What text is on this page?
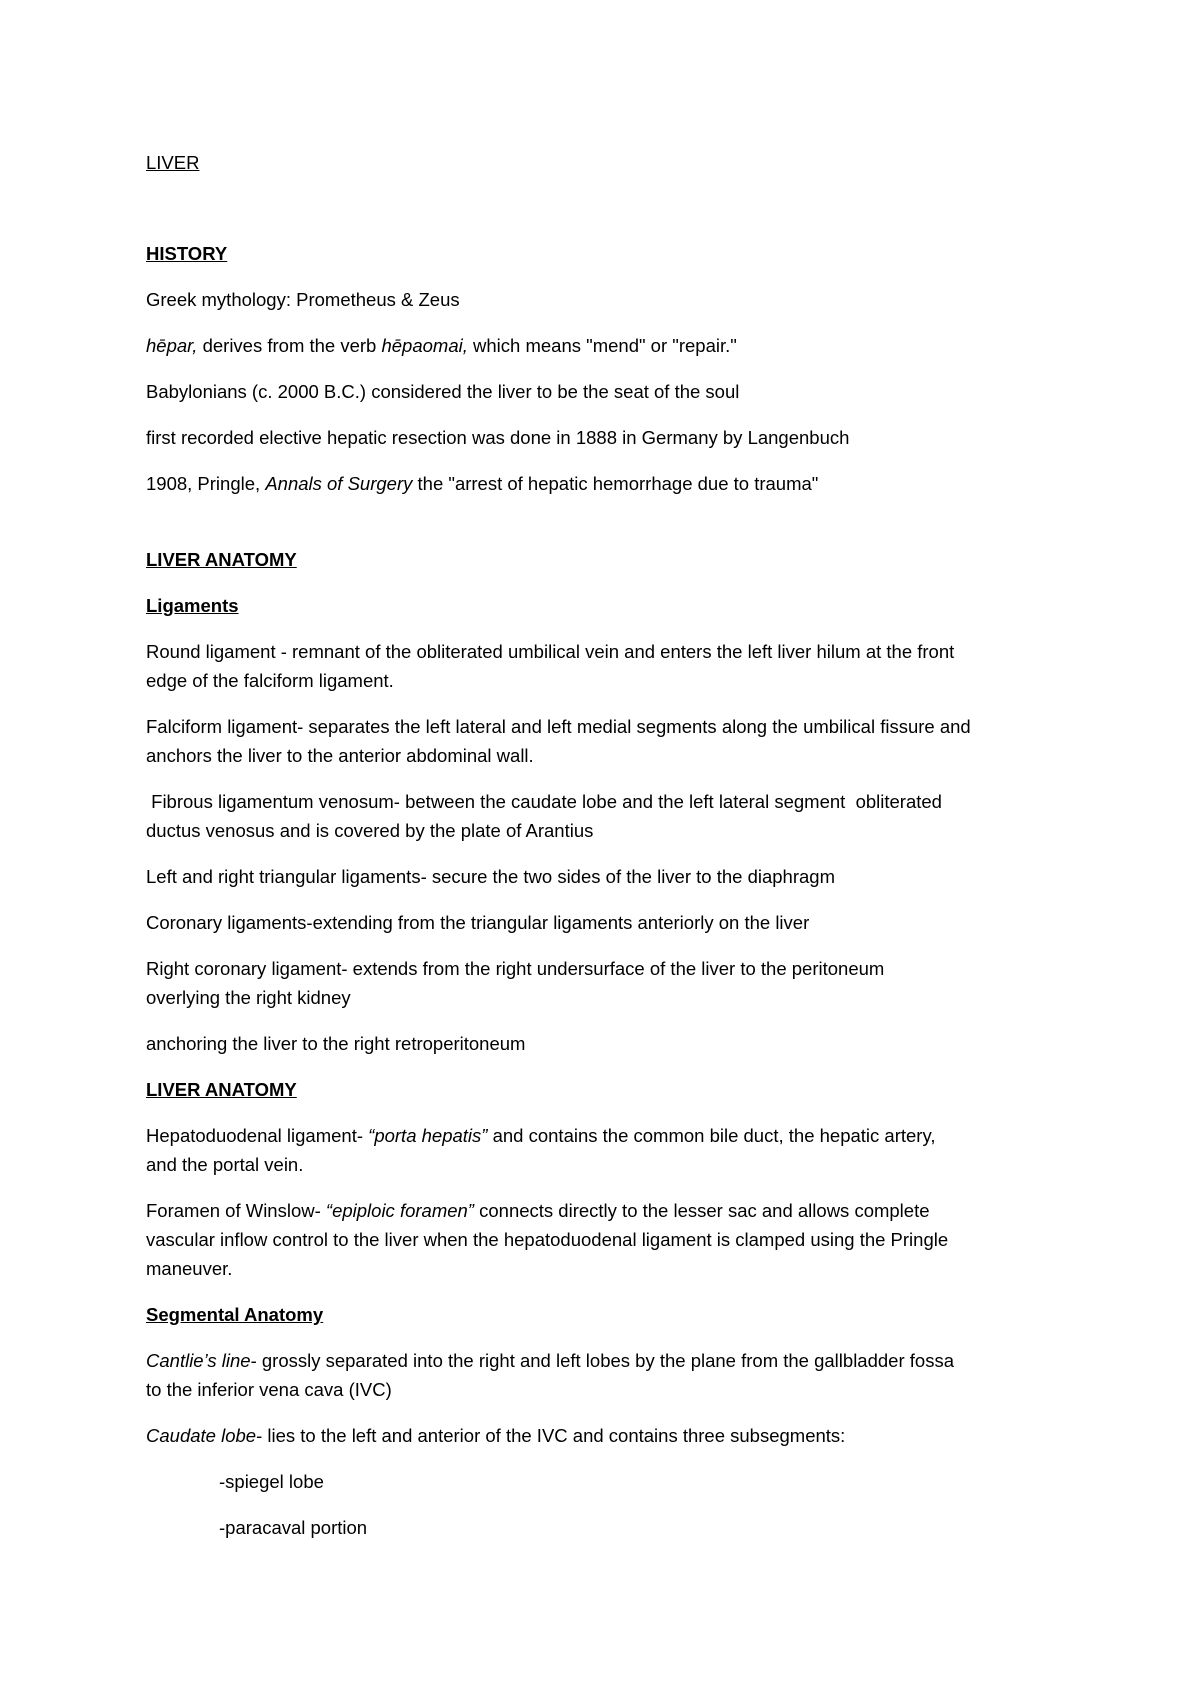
LIVER

HISTORY

Greek mythology: Prometheus & Zeus

hēpar, derives from the verb hēpaomai, which means "mend" or "repair."

Babylonians (c. 2000 B.C.) considered the liver to be the seat of the soul

first recorded elective hepatic resection was done in 1888 in Germany by Langenbuch

1908, Pringle, Annals of Surgery the "arrest of hepatic hemorrhage due to trauma"

LIVER ANATOMY

Ligaments

Round ligament - remnant of the obliterated umbilical vein and enters the left liver hilum at the front

edge of the falciform ligament.

Falciform ligament- separates the left lateral and left medial segments along the umbilical fissure and

anchors the liver to the anterior abdominal wall.

Fibrous ligamentum venosum- between the caudate lobe and the left lateral segment  obliterated

ductus venosus and is covered by the plate of Arantius

Left and right triangular ligaments- secure the two sides of the liver to the diaphragm

Coronary ligaments-extending from the triangular ligaments anteriorly on the liver

Right coronary ligament- extends from the right undersurface of the liver to the peritoneum

overlying the right kidney

anchoring the liver to the right retroperitoneum

LIVER ANATOMY

Hepatoduodenal ligament- “porta hepatis” and contains the common bile duct, the hepatic artery,

and the portal vein.

Foramen of Winslow- “epiploic foramen” connects directly to the lesser sac and allows complete

vascular inflow control to the liver when the hepatoduodenal ligament is clamped using the Pringle

maneuver.

Segmental Anatomy

Cantlie’s line- grossly separated into the right and left lobes by the plane from the gallbladder fossa

to the inferior vena cava (IVC)

Caudate lobe- lies to the left and anterior of the IVC and contains three subsegments:

-spiegel lobe

-paracaval portion
